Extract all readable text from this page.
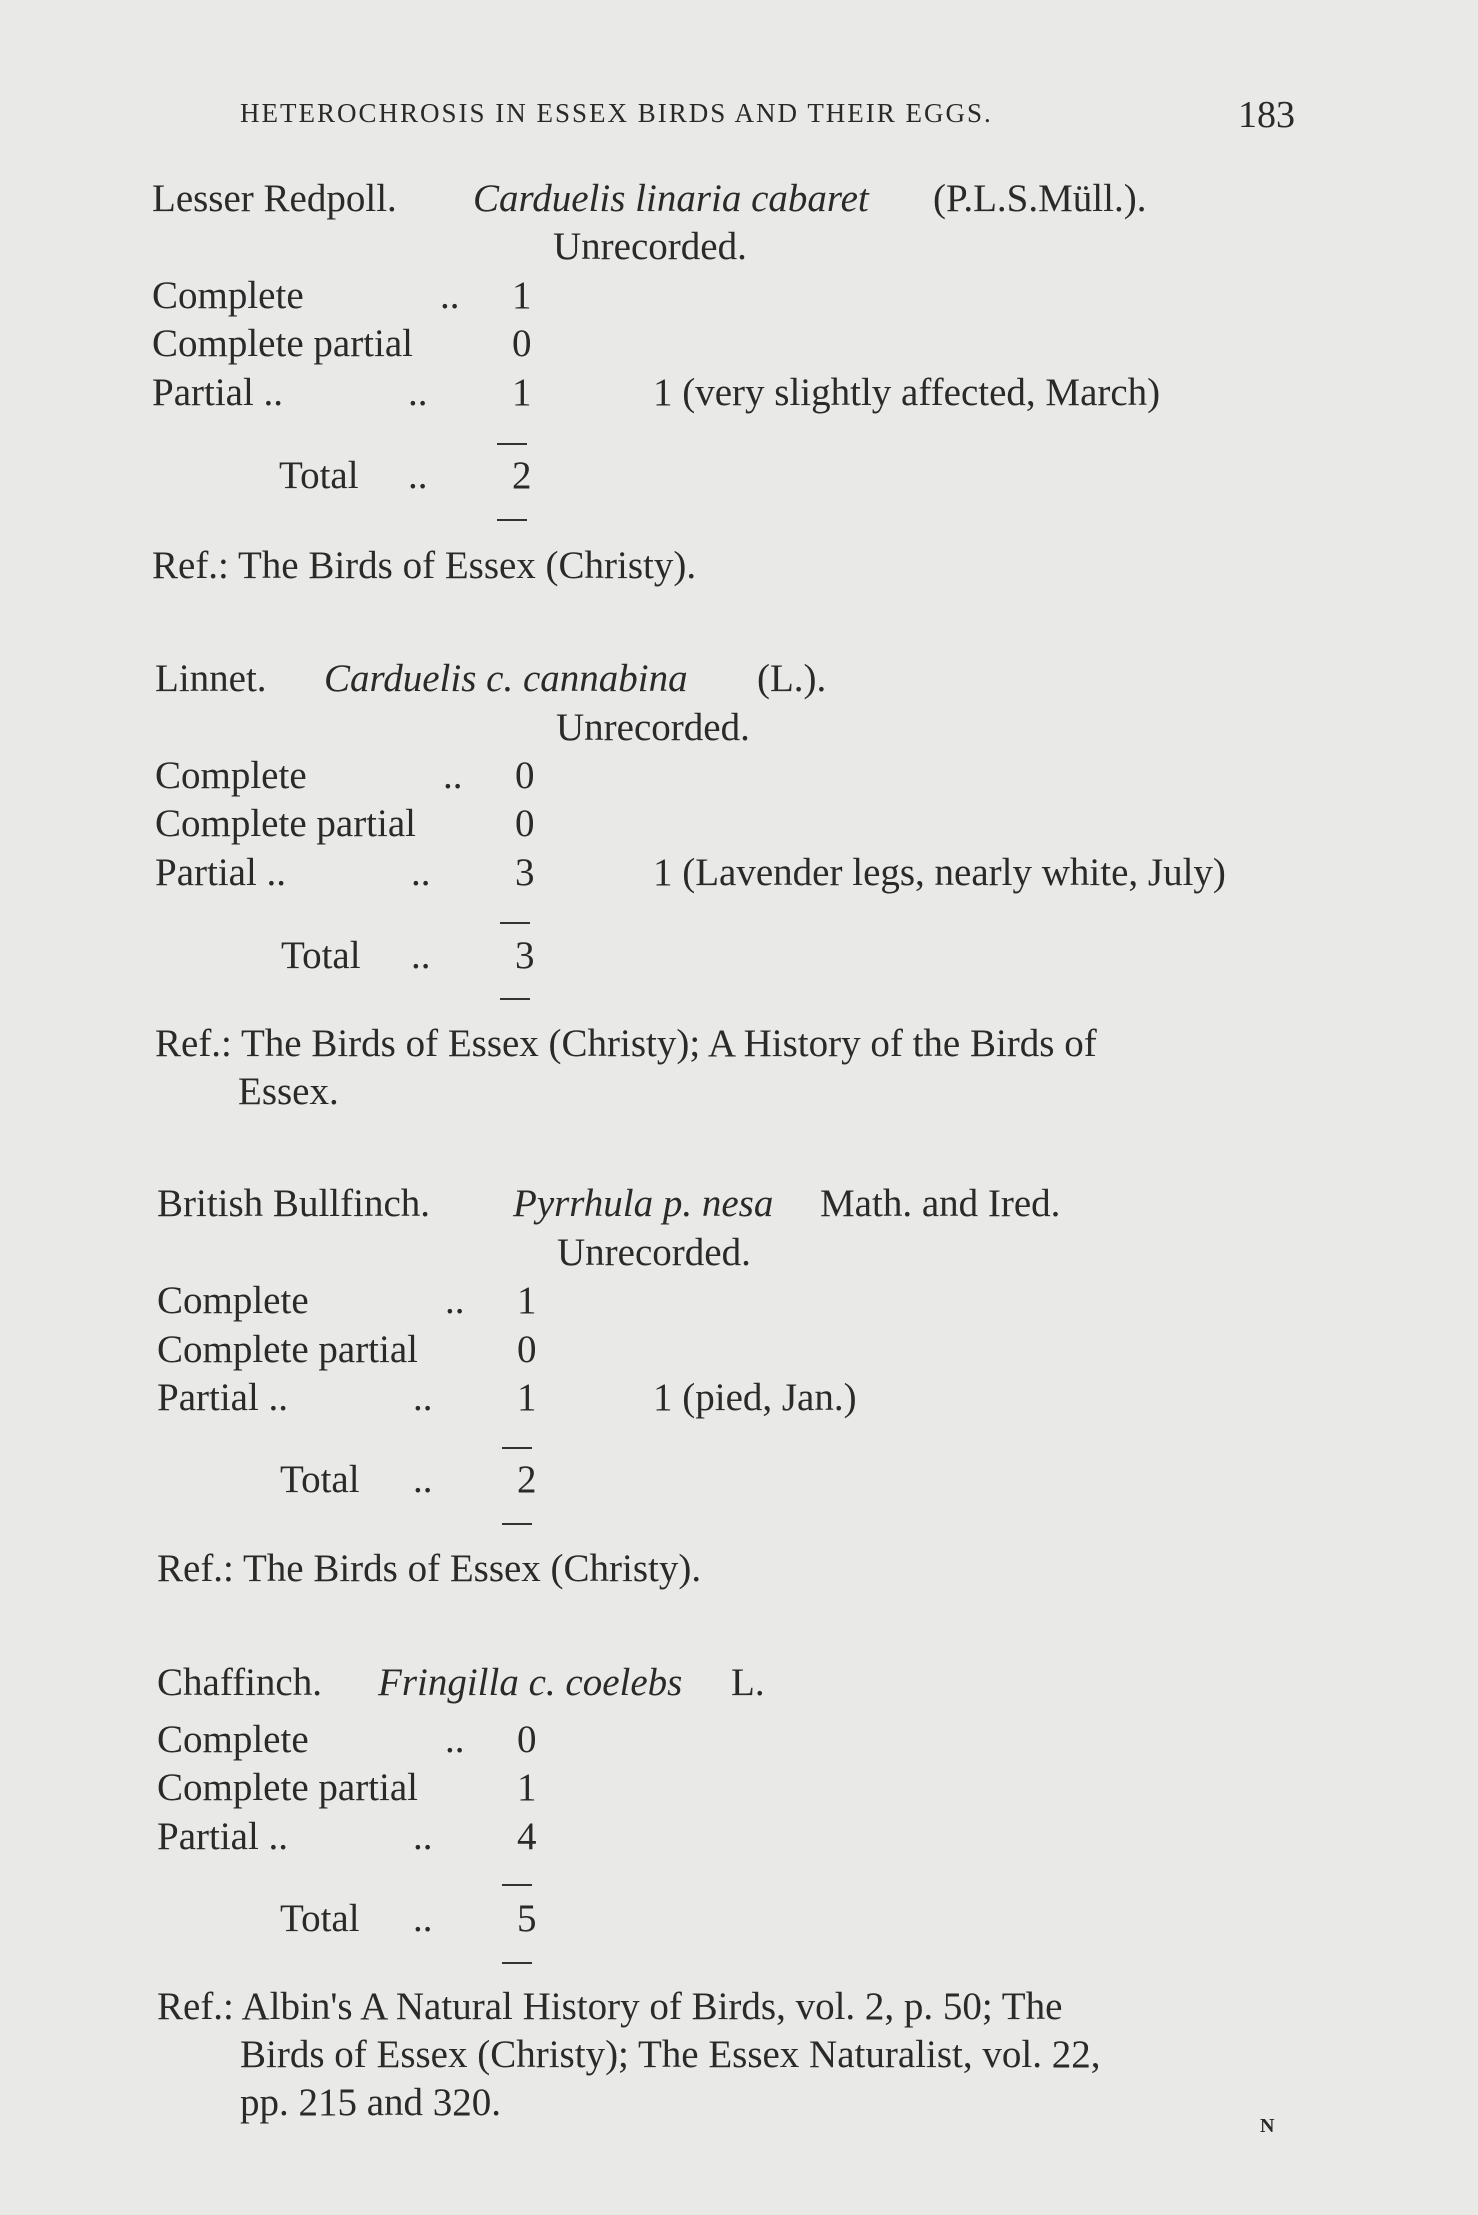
HETEROCHROSIS IN ESSEX BIRDS AND THEIR EGGS.	183
Lesser Redpoll. Carduelis linaria cabaret (P.L.S.Müll.).
Unrecorded.
Complete	.. 1
Complete partial	0
Partial ..	.. 1	1 (very slightly affected, March)
Total .. 2
Ref.: The Birds of Essex (Christy).
Linnet. Carduelis c. cannabina (L.).
Unrecorded.
Complete	.. 0
Complete partial	0
Partial ..	.. 3	1 (Lavender legs, nearly white, July)
Total .. 3
Ref.: The Birds of Essex (Christy); A History of the Birds of
Essex.
British Bullfinch. Pyrrhula p. nesa Math. and Ired.
Unrecorded.
Complete	.. 1
Complete partial	0
Partial ..	.. 1	1 (pied, Jan.)
Total .. 2
Ref.: The Birds of Essex (Christy).
Chaffinch. Fringilla c. coelebs L.
Complete	.. 0
Complete partial	1
Partial ..	.. 4
Total .. 5
Ref.: Albin's A Natural History of Birds, vol. 2, p. 50; The
Birds of Essex (Christy); The Essex Naturalist, vol. 22,
pp. 215 and 320.
N
